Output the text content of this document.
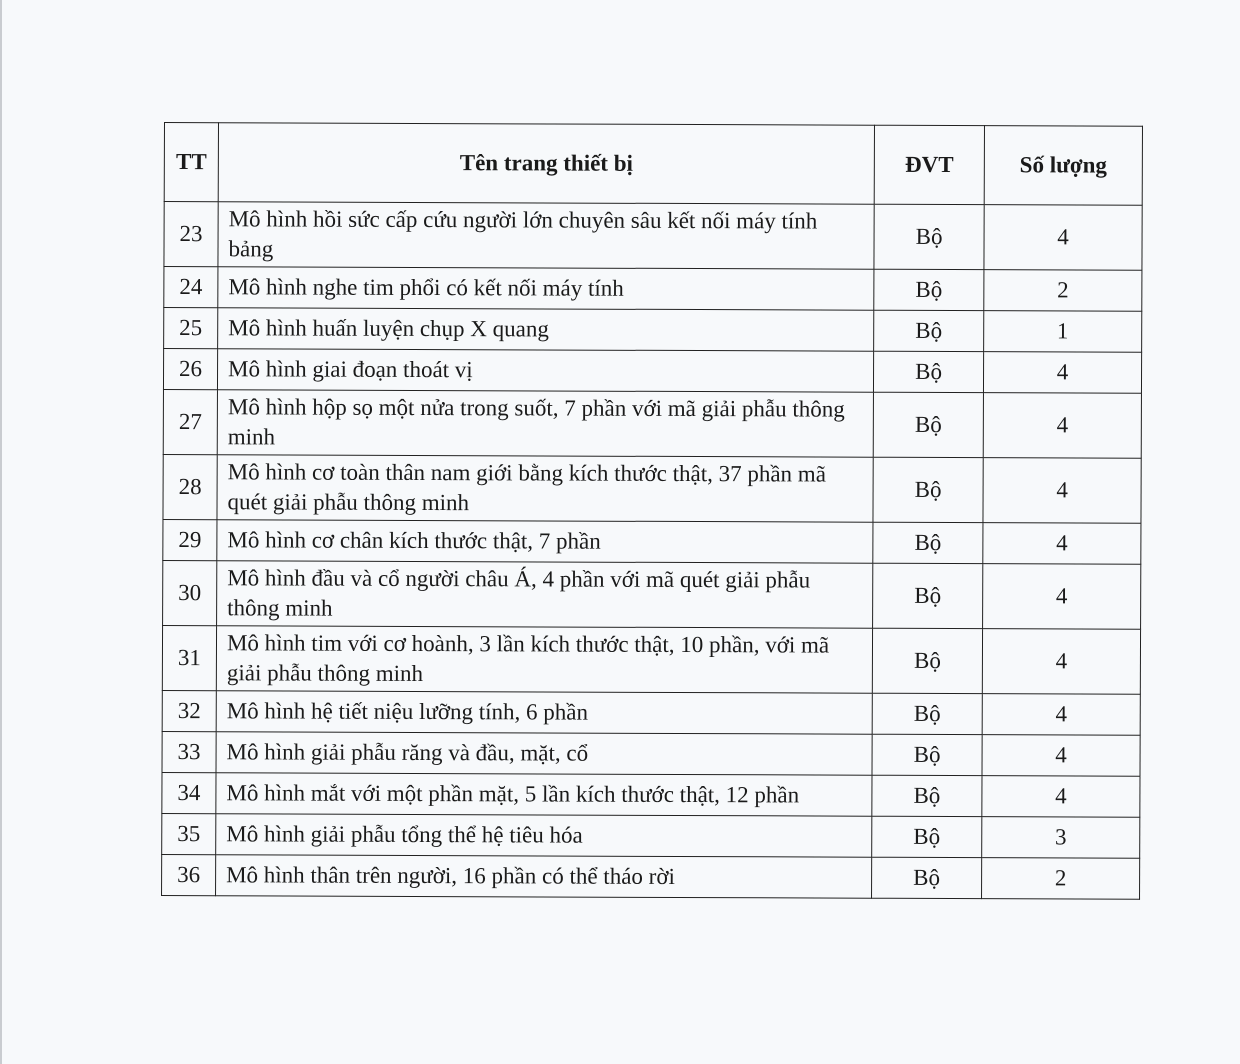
TT	Tên trang thiết bị	ĐVT	Số lượng
23	Mô hình hồi sức cấp cứu người lớn chuyên sâu kết nối máy tính bảng	Bộ	4
24	Mô hình nghe tim phổi có kết nối máy tính	Bộ	2
25	Mô hình huấn luyện chụp X quang	Bộ	1
26	Mô hình giai đoạn thoát vị	Bộ	4
27	Mô hình hộp sọ một nửa trong suốt, 7 phần với mã giải phẫu thông minh	Bộ	4
28	Mô hình cơ toàn thân nam giới bằng kích thước thật, 37 phần mã quét giải phẫu thông minh	Bộ	4
29	Mô hình cơ chân kích thước thật, 7 phần	Bộ	4
30	Mô hình đầu và cổ người châu Á, 4 phần với mã quét giải phẫu thông minh	Bộ	4
31	Mô hình tim với cơ hoành, 3 lần kích thước thật, 10 phần, với mã giải phẫu thông minh	Bộ	4
32	Mô hình hệ tiết niệu lưỡng tính, 6 phần	Bộ	4
33	Mô hình giải phẫu răng và đầu, mặt, cổ	Bộ	4
34	Mô hình mắt với một phần mặt, 5 lần kích thước thật, 12 phần	Bộ	4
35	Mô hình giải phẫu tổng thể hệ tiêu hóa	Bộ	3
36	Mô hình thân trên người, 16 phần có thể tháo rời	Bộ	2
